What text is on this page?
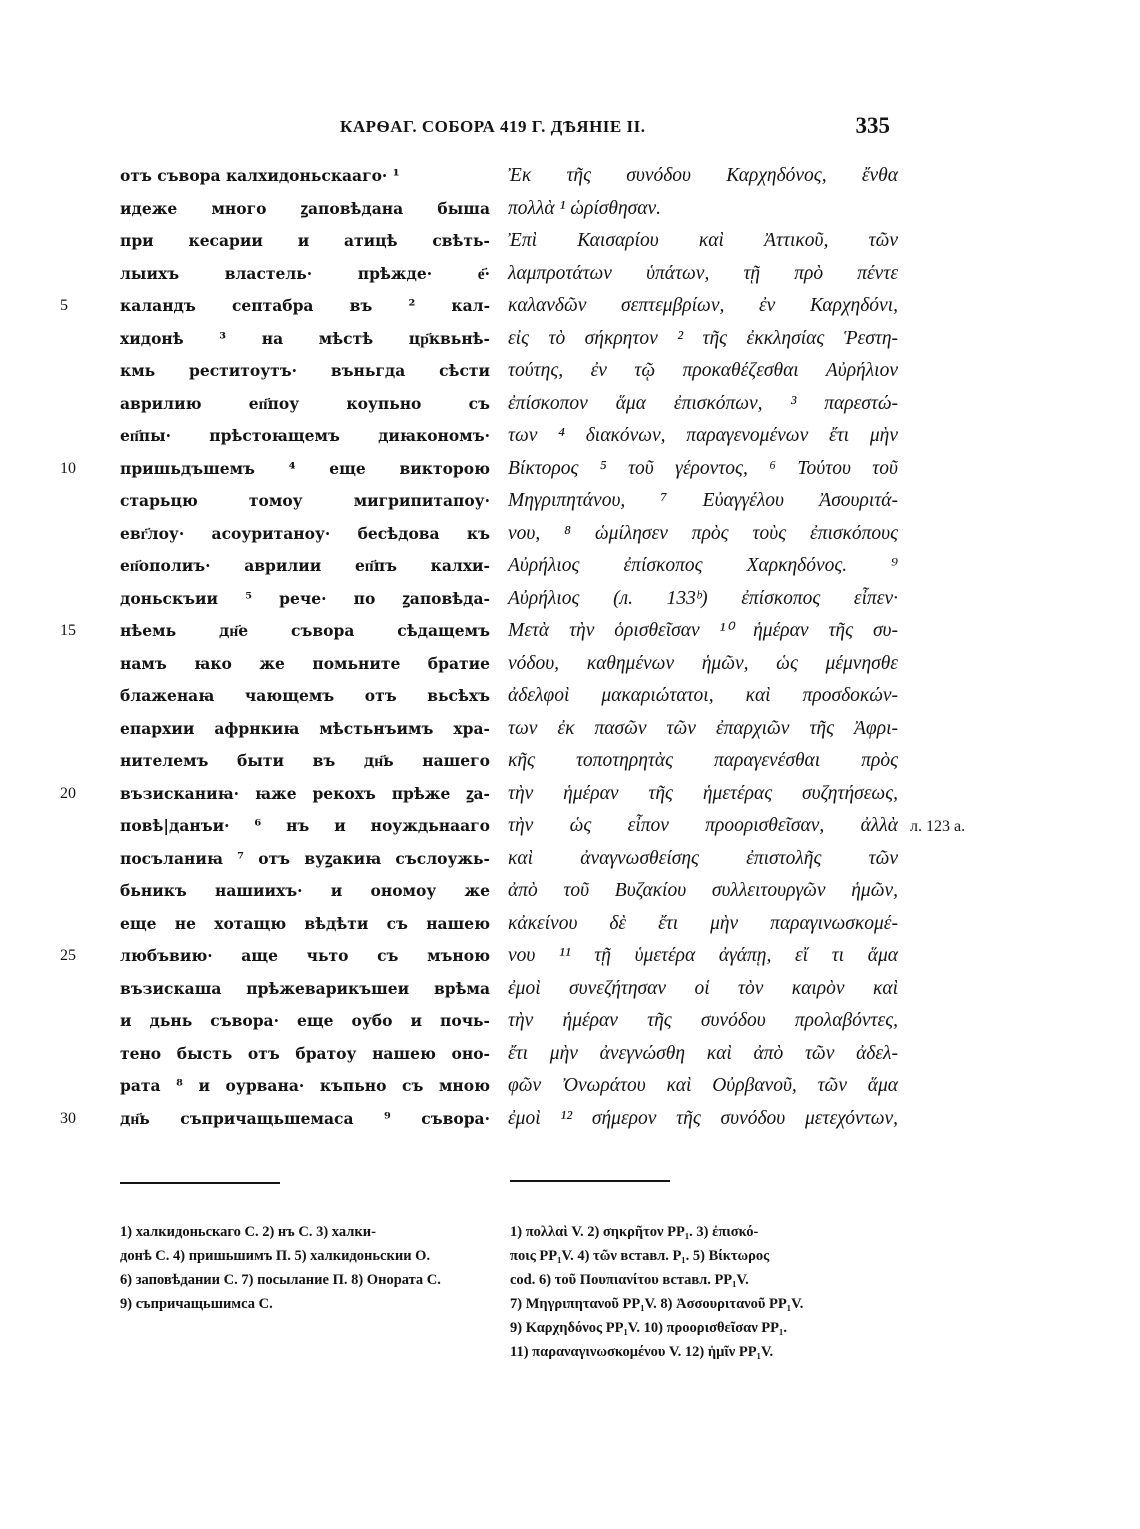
КАРѲАГ. СОБОРА 419 Г. ДѢЯНІЕ II.	335
отъ съвора калхидоньскааго· ¹
идеже много ꙁаповѣдана быша
при кесарии и атицѣ свѣть-
лыихъ властель· прѣжде· е҃·
5	каландъ септабра въ ² кал-
хидонѣ ³ на мѣстѣ цр҃квьнѣ-
кмь реститоутъ· въньгда сѣсти
аврилию еп҃поу коупьно съ
еп҃пы· прѣстоꙗщемъ диꙗкономъ·
10	пришьдъшемъ ⁴ еще викторою
старьцю томоу мигрипитапоу·
евг҃лоу· асоуританоу· бесѣдова къ
еп҃ополиъ· аврилии еп҃пъ калхи-
доньскъии ⁵ рече· по ꙁаповѣда-
15	нѣемь дн҃е съвора сѣдащемъ
намъ ꙗко же помьните братие
блаженаꙗ чающемъ отъ вьсѣхъ
епархии афрнкиꙗ мѣстьнъимъ хра-
нителемъ быти въ дн҃ь нашего
20	възисканиꙗ· ꙗже рекохъ прѣже ꙁа-
повѣ|данъи· ⁶ нъ и ноуждьнааго
посъланиꙗ ⁷ отъ вуꙁакиꙗ съслоужь-
бьникъ нашиихъ· и ономоу же
еще не хотащю вѣдѣти съ нашею
25	любъвию· аще чьто съ мъною
възискаша прѣжеварикъшеи врѣма
и дьнь съвора· еще оубо и почь-
тено бысть отъ братоу нашею оно-
рата ⁸ и оурвана· къпьно съ мною
30	дн҃ь съпричащьшемаса ⁹ съвора·
Ἐκ τῆς συνόδου Καρχηδόνος, ἔνθα
πολλὰ ¹ ὡρίσθησαν.
Ἐπὶ Καισαρίου καὶ Ἀττικοῦ, τῶν
λαμπροτάτων ὑπάτων, τῇ πρὸ πέντε
καλανδῶν σεπτεμβρίων, ἐν Καρχηδόνι,
εἰς τὸ σήκρητον ² τῆς ἐκκλησίας Ῥεστη-
τούτης, ἐν τῷ προκαθέζεσθαι Αὐρήλιον
ἐπίσκοπον ἅμα ἐπισκόπων, ³ παρεστώ-
των ⁴ διακόνων, παραγενομένων ἔτι μὴν
Βίκτορος ⁵ τοῦ γέροντος, ⁶ Τούτου τοῦ
Μηγριπητάνου, ⁷ Εὐαγγέλου Ἀσουριτά-
νου, ⁸ ὡμίλησεν πρὸς τοὺς ἐπισκόπους
Αὐρήλιος ἐπίσκοπος Χαρκηδόνος. ⁹
Αὐρήλιος (л. 133ᵇ) ἐπίσκοπος εἶπεν·
Μετὰ τὴν ὁρισθεῖσαν ¹⁰ ἡμέραν τῆς συ-
νόδου, καθημένων ἡμῶν, ὡς μέμνησθε
ἀδελφοὶ μακαριώτατοι, καὶ προσδοκών-
των ἐκ πασῶν τῶν ἐπαρχιῶν τῆς Ἀφρι-
κῆς τοποτηρητὰς παραγενέσθαι πρὸς
τὴν ἡμέραν τῆς ἡμετέρας συζητήσεως,
τὴν ὡς εἶπον προορισθεῖσαν, ἀλλὰ
καὶ ἀναγνωσθείσης ἐπιστολῆς τῶν
ἀπὸ τοῦ Βυζακίου συλλειτουργῶν ἡμῶν,
κἀκείνου δὲ ἔτι μὴν παραγινωσκομέ-
νου ¹¹ τῇ ὑμετέρα ἀγάπῃ, εἴ τι ἅμα
ἐμοὶ συνεζήτησαν οἱ τὸν καιρὸν καὶ
τὴν ἡμέραν τῆς συνόδου προλαβόντες,
ἔτι μὴν ἀνεγνώσθη καὶ ἀπὸ τῶν ἀδελ-
φῶν Ὀνωράτου καὶ Οὐρβανοῦ, τῶν ἅμα
ἐμοὶ ¹² σήμερον τῆς συνόδου μετεχόντων,
л. 123 а.
1) халкидоньскаго С. 2) нъ С. 3) халки-
донѣ С. 4) пришьшимъ П. 5) халкидоньскии О.
6) заповѣдании С. 7) посылание П. 8) Онората С.
9) съпричащьшимса С.
1) πολλαὶ V. 2) σηκρῆτον PP₁. 3) ἐπισκό-
ποις PP₁V. 4) τῶν вставл. P₁. 5) Βίκτωρος
cod. 6) τοῦ Πουπιανίτου вставл. PP₁V.
7) Μηγριπητανοῦ PP₁V. 8) Ἀσσουριτανοῦ PP₁V.
9) Καρχηδόνος PP₁V. 10) προορισθεῖσαν PP₁.
11) παραναγινωσκομένου V. 12) ἡμῖν PP₁V.
